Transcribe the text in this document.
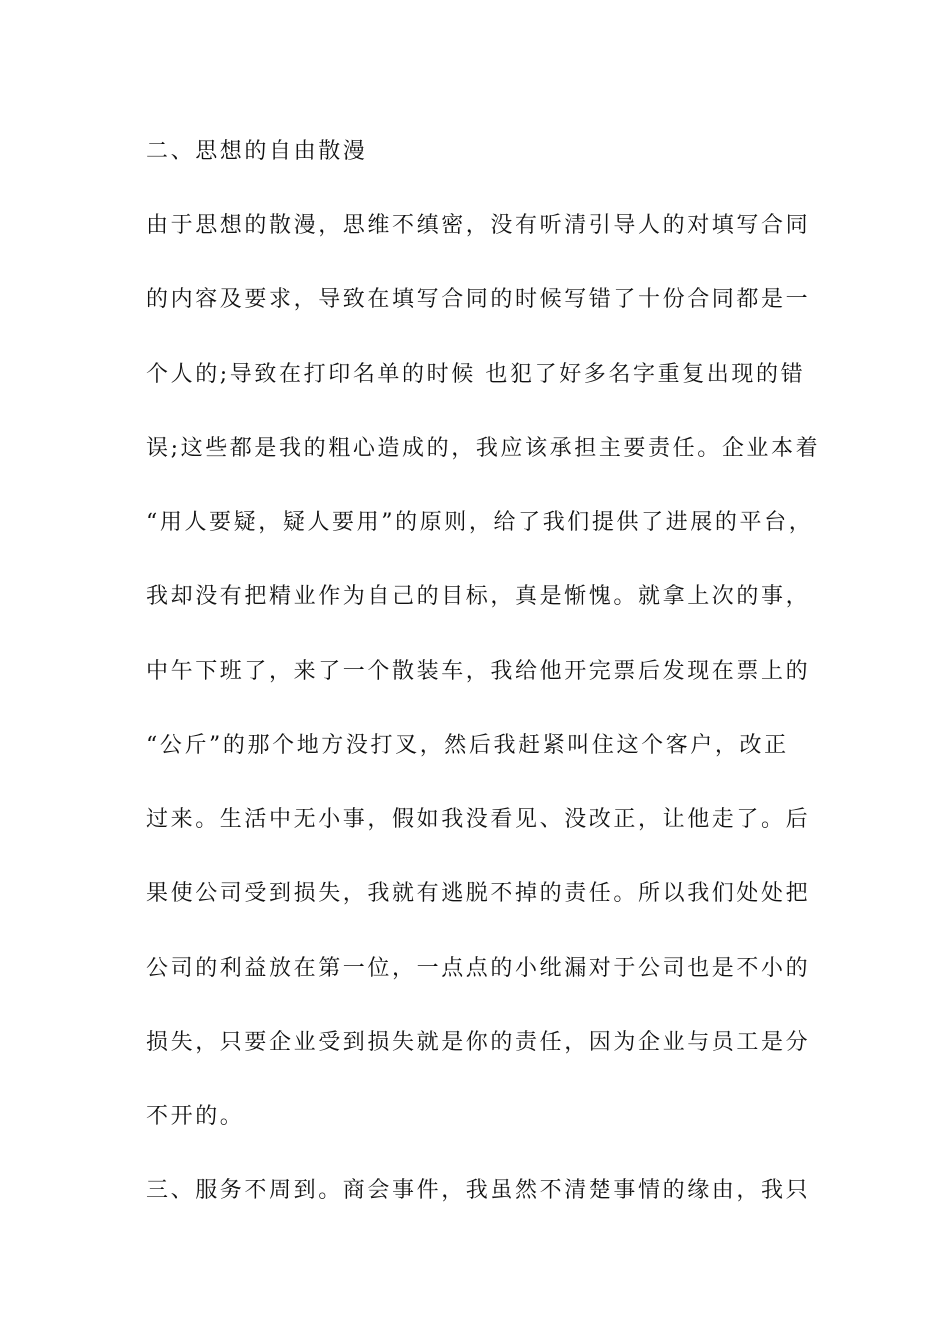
二、思想的自由散漫
由于思想的散漫，思维不缜密，没有听清引导人的对填写合同
的内容及要求，导致在填写合同的时候写错了十份合同都是一
个人的;导致在打印名单的时候 也犯了好多名字重复出现的错
误;这些都是我的粗心造成的，我应该承担主要责任。企业本着
“用人要疑，疑人要用”的原则，给了我们提供了进展的平台，
我却没有把精业作为自己的目标，真是惭愧。就拿上次的事，
中午下班了，来了一个散装车，我给他开完票后发现在票上的
“公斤”的那个地方没打叉，然后我赶紧叫住这个客户，改正
过来。生活中无小事，假如我没看见、没改正，让他走了。后
果使公司受到损失，我就有逃脱不掉的责任。所以我们处处把
公司的利益放在第一位，一点点的小纰漏对于公司也是不小的
损失，只要企业受到损失就是你的责任，因为企业与员工是分
不开的。
三、服务不周到。商会事件，我虽然不清楚事情的缘由，我只
